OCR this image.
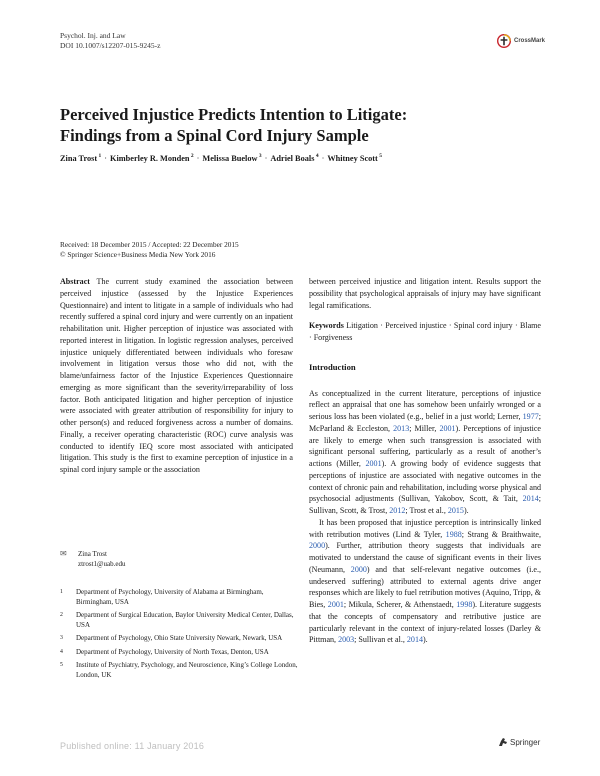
Psychol. Inj. and Law
DOI 10.1007/s12207-015-9245-z	CrossMark
Perceived Injustice Predicts Intention to Litigate:
Findings from a Spinal Cord Injury Sample
Zina Trost $^1$ · Kimberley R. Monden $^2$ · Melissa Buelow $^3$ · Adriel Boals $^4$ · Whitney Scott $^5$
Received: 18 December 2015 / Accepted: 22 December 2015
© Springer Science+Business Media New York 2016

Abstract The current study examined the association between perceived injustice (assessed by the Injustice Experiences Questionnaire) and intent to litigate in a sample of individuals who had recently suffered a spinal cord injury and were currently on an inpatient rehabilitation unit. Higher perception of injustice was associated with reported interest in litigation. In logistic regression analyses, perceived injustice uniquely differentiated between individuals who foresaw involvement in litigation versus those who did not, with the blame/unfairness factor of the Injustice Experiences Questionnaire emerging as more significant than the severity/irreparability of loss factor. Both anticipated litigation and higher perception of injustice were associated with greater attribution of responsibility for injury to other person(s) and reduced forgiveness across a number of domains. Finally, a receiver operating characteristic (ROC) curve analysis was conducted to identify IEQ score most associated with anticipated litigation. This study is the first to examine perception of injustice in a spinal cord injury sample or the association

between perceived injustice and litigation intent. Results support the possibility that psychological appraisals of injury may have significant legal ramifications.

Keywords Litigation · Perceived injustice · Spinal cord injury · Blame · Forgiveness

Introduction

As conceptualized in the current literature, perceptions of injustice reflect an appraisal that one has somehow been unfairly wronged or a serious loss has been violated (e.g., belief in a just world; Lerner, 1977; McParland & Eccleston, 2013; Miller, 2001). Perceptions of injustice are likely to emerge when such transgression is associated with significant personal suffering, particularly as a result of another’s actions (Miller, 2001). A growing body of evidence suggests that perceptions of injustice are associated with negative outcomes in the context of chronic pain and rehabilitation, including worse physical and psychosocial adjustments (Sullivan, Yakobov, Scott, & Tait, 2014; Sullivan, Scott, & Trost, 2012; Trost et al., 2015).

It has been proposed that injustice perception is intrinsically linked with retribution motives (Lind & Tyler, 1988; Strang & Braithwaite, 2000). Further, attribution theory suggests that individuals are motivated to understand the cause of significant events in their lives (Neumann, 2000) and that self-relevant negative outcomes (i.e., undeserved suffering) attributed to external agents drive anger responses which are likely to fuel retribution motives (Aquino, Tripp, & Bies, 2001; Mikula, Scherer, & Athenstaedt, 1998). Literature suggests that the concepts of compensatory and retributive justice are particularly relevant in the context of injury-related losses (Darley & Pittman, 2003; Sullivan et al., 2014).

✉ Zina Trost
ztrost1@uab.edu
1	Department of Psychology, University of Alabama at Birmingham, Birmingham, USA
2	Department of Surgical Education, Baylor University Medical Center, Dallas, USA
3	Department of Psychology, Ohio State University Newark, Newark, USA
4	Department of Psychology, University of North Texas, Denton, USA
5	Institute of Psychiatry, Psychology, and Neuroscience, King’s College London, London, UK
Published online: 11 January 2016	Springer
